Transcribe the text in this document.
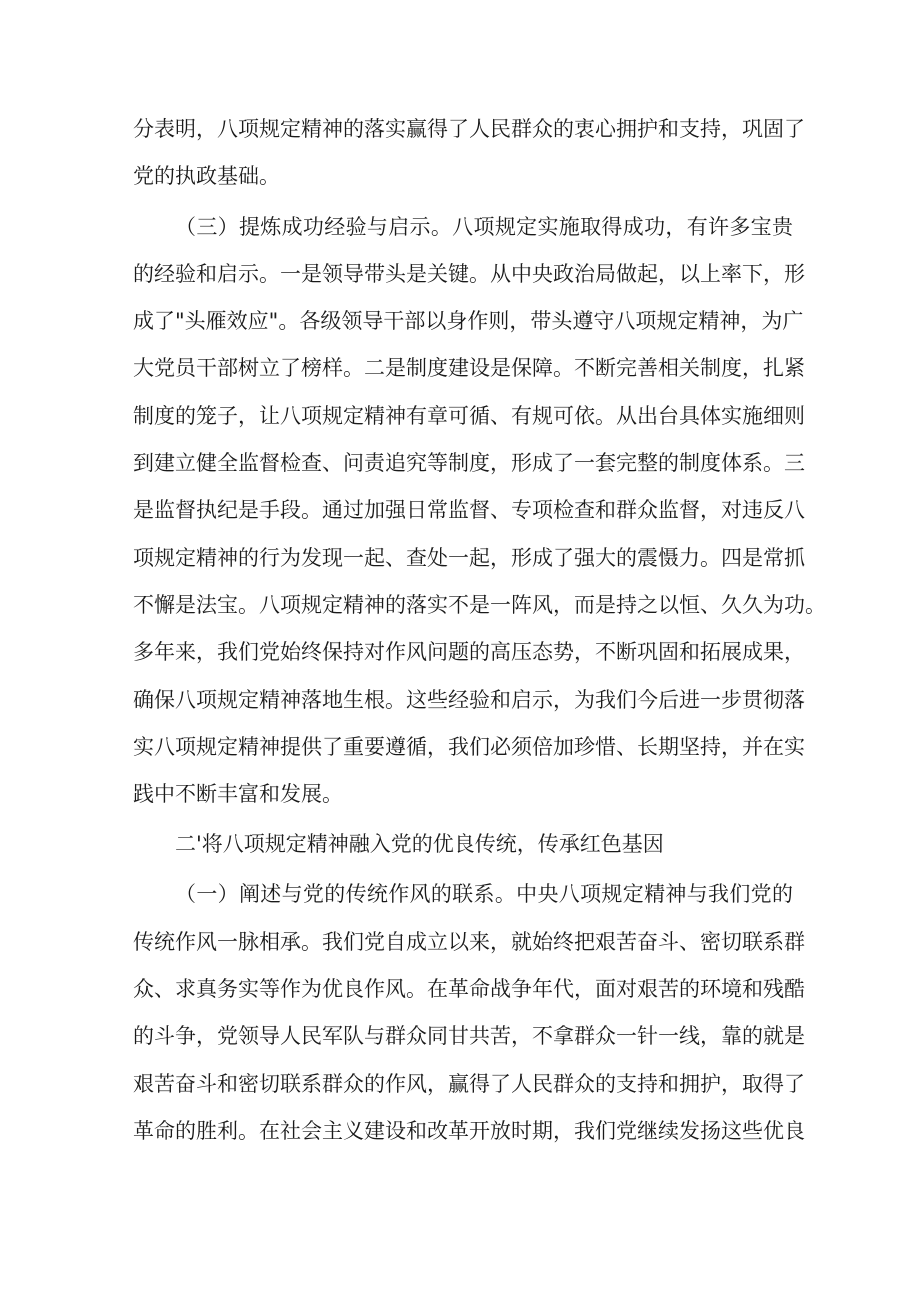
分表明，八项规定精神的落实赢得了人民群众的衷心拥护和支持，巩固了
党的执政基础。
（三）提炼成功经验与启示。八项规定实施取得成功，有许多宝贵
的经验和启示。一是领导带头是关键。从中央政治局做起，以上率下，形
成了"头雁效应"。各级领导干部以身作则，带头遵守八项规定精神，为广
大党员干部树立了榜样。二是制度建设是保障。不断完善相关制度，扎紧
制度的笼子，让八项规定精神有章可循、有规可依。从出台具体实施细则
到建立健全监督检查、问责追究等制度，形成了一套完整的制度体系。三
是监督执纪是手段。通过加强日常监督、专项检查和群众监督，对违反八
项规定精神的行为发现一起、查处一起，形成了强大的震慑力。四是常抓
不懈是法宝。八项规定精神的落实不是一阵风，而是持之以恒、久久为功。
多年来，我们党始终保持对作风问题的高压态势，不断巩固和拓展成果，
确保八项规定精神落地生根。这些经验和启示，为我们今后进一步贯彻落
实八项规定精神提供了重要遵循，我们必须倍加珍惜、长期坚持，并在实
践中不断丰富和发展。
二'将八项规定精神融入党的优良传统，传承红色基因
（一）阐述与党的传统作风的联系。中央八项规定精神与我们党的
传统作风一脉相承。我们党自成立以来，就始终把艰苦奋斗、密切联系群
众、求真务实等作为优良作风。在革命战争年代，面对艰苦的环境和残酷
的斗争，党领导人民军队与群众同甘共苦，不拿群众一针一线，靠的就是
艰苦奋斗和密切联系群众的作风，赢得了人民群众的支持和拥护，取得了
革命的胜利。在社会主义建设和改革开放时期，我们党继续发扬这些优良
